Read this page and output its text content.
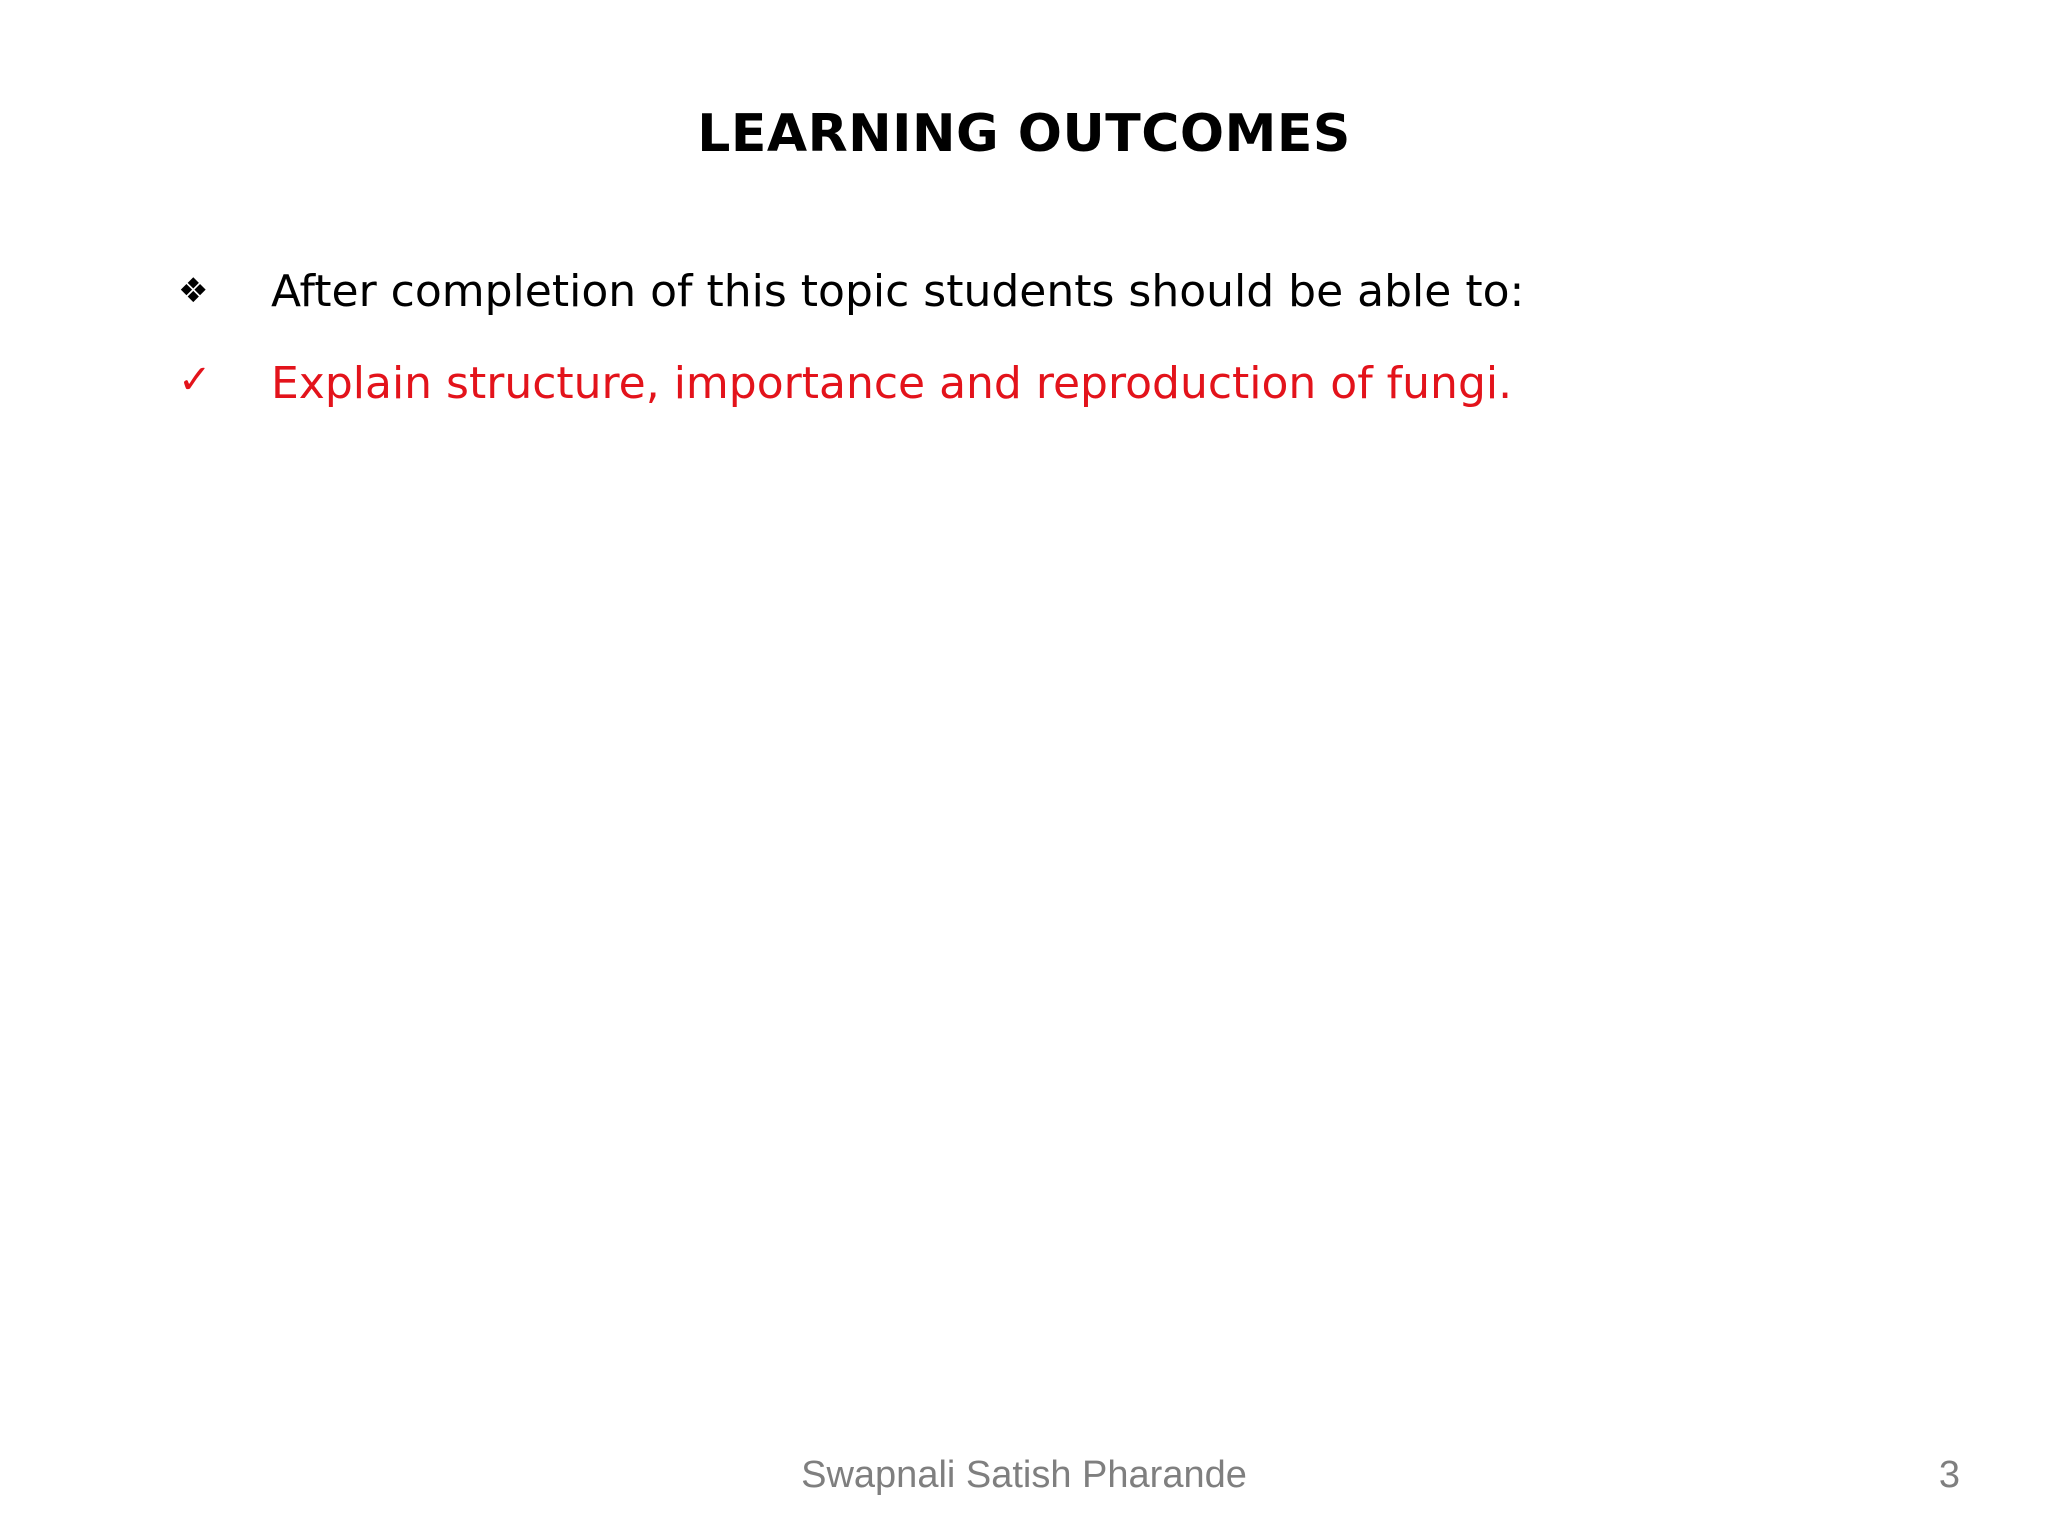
LEARNING OUTCOMES
❖ After completion of this topic students should be able to:
✓ Explain structure, importance and reproduction of fungi.
Swapnali Satish Pharande	3
